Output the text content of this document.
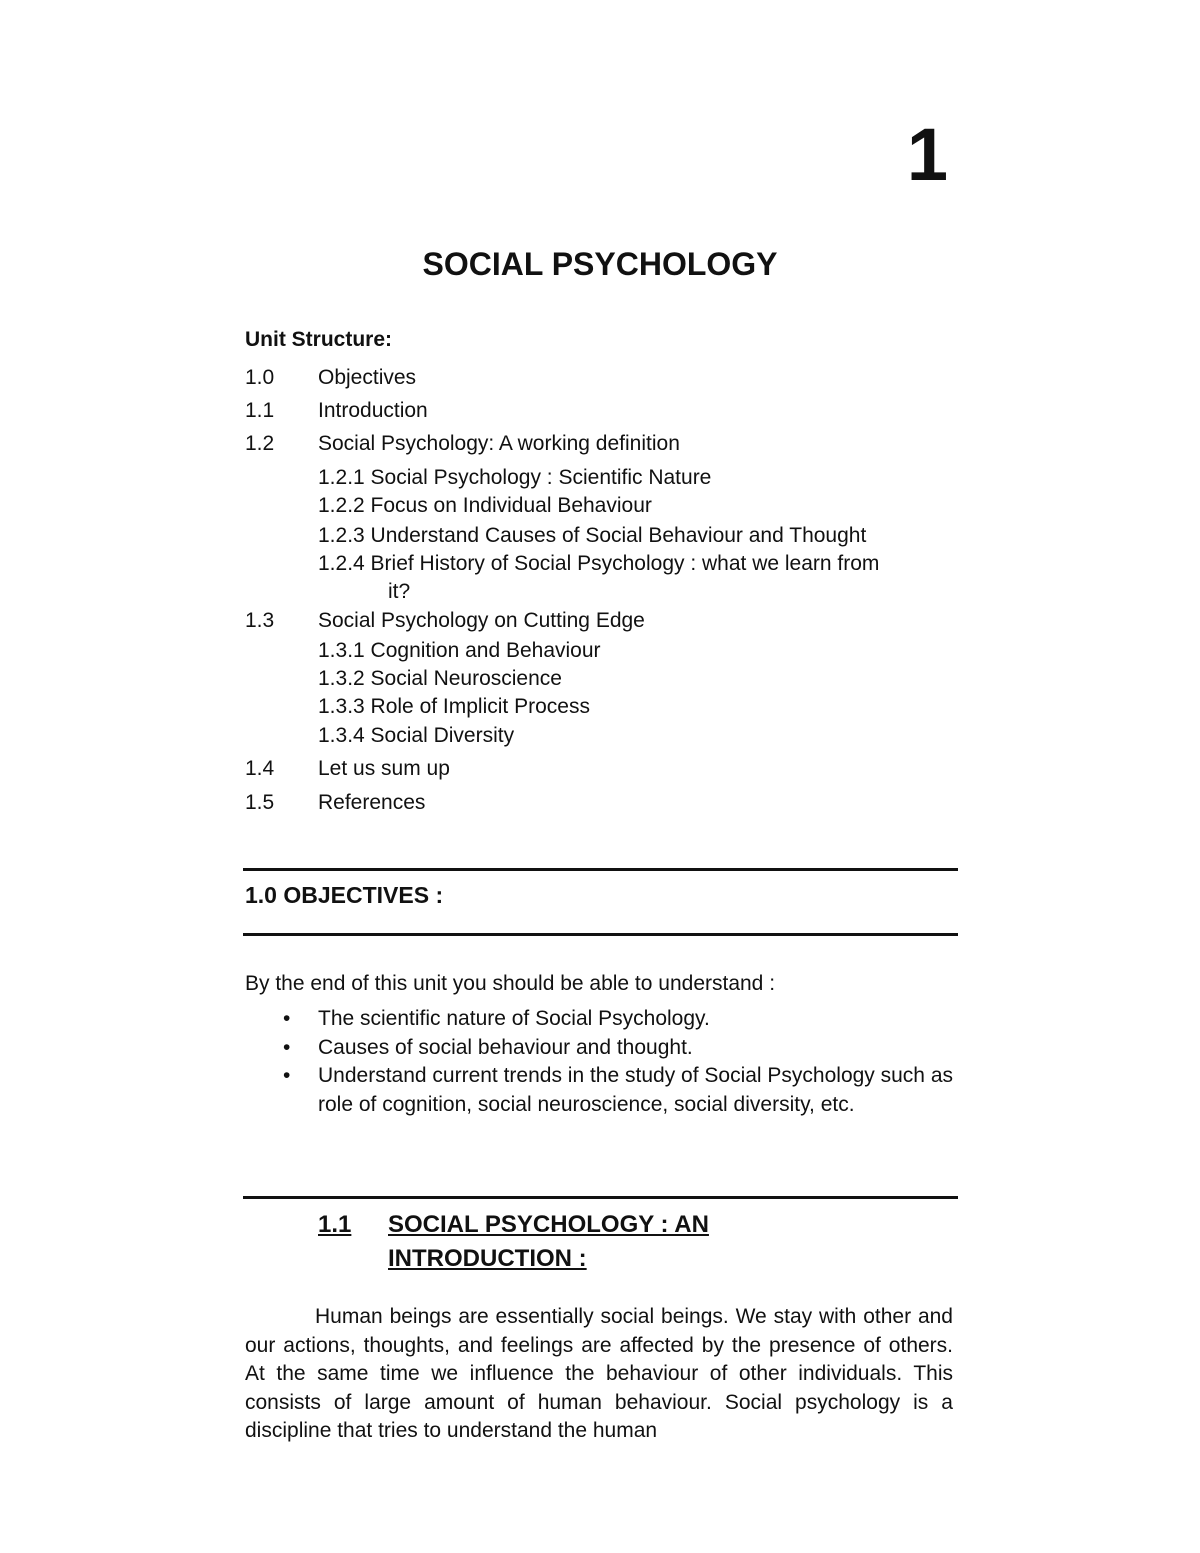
1
SOCIAL PSYCHOLOGY
Unit Structure:
1.0 Objectives
1.1 Introduction
1.2 Social Psychology: A working definition
1.2.1 Social Psychology : Scientific Nature
1.2.2 Focus on Individual Behaviour
1.2.3 Understand Causes of Social Behaviour and Thought
1.2.4 Brief History of Social Psychology : what we learn from
it?
1.3 Social Psychology on Cutting Edge
1.3.1 Cognition and Behaviour
1.3.2 Social Neuroscience
1.3.3 Role of Implicit Process
1.3.4 Social Diversity
1.4 Let us sum up
1.5 References
1.0 OBJECTIVES :
By the end of this unit you should be able to understand :
• The scientific nature of Social Psychology.
• Causes of social behaviour and thought.
• Understand current trends in the study of Social Psychology such as role of cognition, social neuroscience, social diversity, etc.
1.1 SOCIAL PSYCHOLOGY : AN INTRODUCTION :

Human beings are essentially social beings. We stay with other and our actions, thoughts, and feelings are affected by the presence of others. At the same time we influence the behaviour of other individuals. This consists of large amount of human behaviour. Social psychology is a discipline that tries to understand the human
